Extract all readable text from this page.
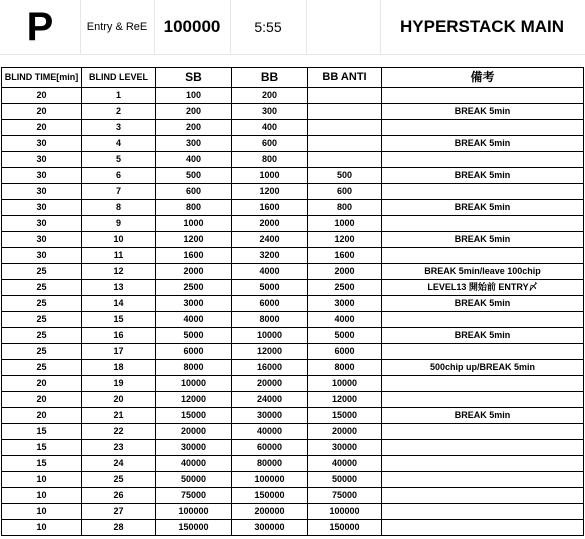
P	Entry & ReE 100000	5:55	HYPERSTACK MAIN
BLIND TIME[min]	BLIND LEVEL	SB	BB	BB ANTI	備考
20	1	100	200		
20	2	200	300		BREAK 5min
20	3	200	400		
30	4	300	600		BREAK 5min
30	5	400	800		
30	6	500	1000	500	BREAK 5min
30	7	600	1200	600	
30	8	800	1600	800	BREAK 5min
30	9	1000	2000	1000	
30	10	1200	2400	1200	BREAK 5min
30	11	1600	3200	1600	
25	12	2000	4000	2000	BREAK 5min/leave 100chip
25	13	2500	5000	2500	LEVEL13 開始前 ENTRY〆
25	14	3000	6000	3000	BREAK 5min
25	15	4000	8000	4000	
25	16	5000	10000	5000	BREAK 5min
25	17	6000	12000	6000	
25	18	8000	16000	8000	500chip up/BREAK 5min
20	19	10000	20000	10000	
20	20	12000	24000	12000	
20	21	15000	30000	15000	BREAK 5min
15	22	20000	40000	20000	
15	23	30000	60000	30000	
15	24	40000	80000	40000	
10	25	50000	100000	50000	
10	26	75000	150000	75000	
10	27	100000	200000	100000	
10	28	150000	300000	150000	
